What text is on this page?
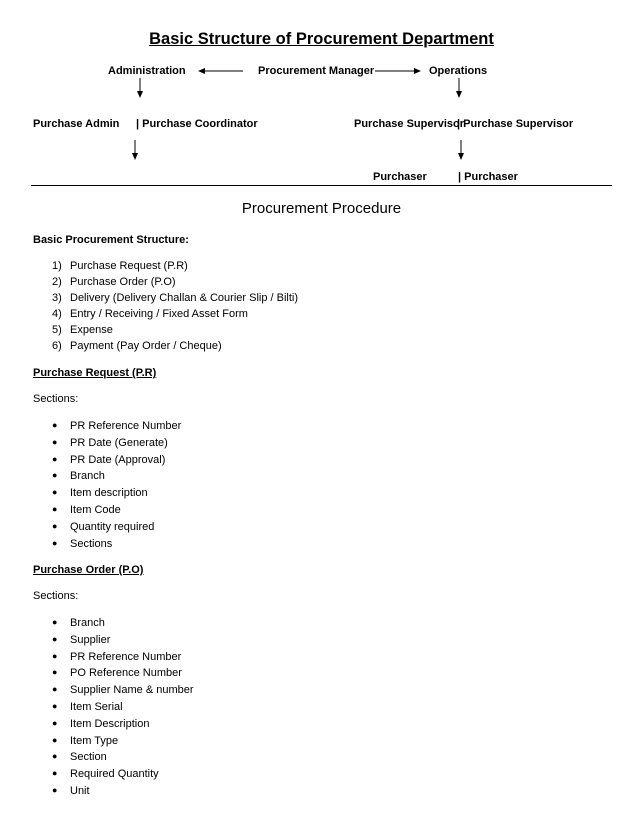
Basic Structure of Procurement Department
Administration	Procurement Manager	Operations
Purchase Admin | Purchase Coordinator	Purchase Supervisor
| Purchase Supervisor
Purchaser	| Purchaser
Procurement Procedure
Basic Procurement Structure:
1) Purchase Request (P.R)
2) Purchase Order (P.O)
3) Delivery (Delivery Challan & Courier Slip / Bilti)
4) Entry / Receiving / Fixed Asset Form
5) Expense
6) Payment (Pay Order / Cheque)
Purchase Request (P.R)
Sections:
● PR Reference Number
● PR Date (Generate)
● PR Date (Approval)
● Branch
● Item description
● Item Code
● Quantity required
● Sections
Purchase Order (P.O)
Sections:
● Branch
● Supplier
● PR Reference Number
● PO Reference Number
● Supplier Name & number
● Item Serial
● Item Description
● Item Type
● Section
● Required Quantity
● Unit
